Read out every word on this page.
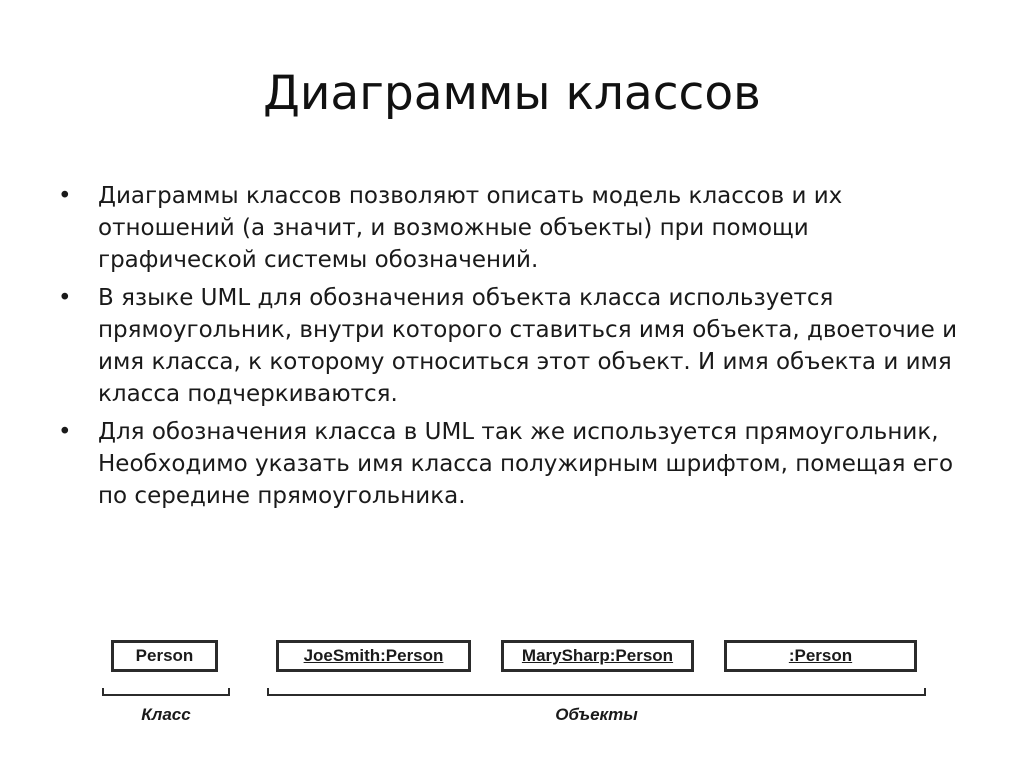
Диаграммы классов
•	Диаграммы классов позволяют описать модель классов и их отношений (а значит, и возможные объекты) при помощи графической системы обозначений.
•	В языке UML для обозначения объекта класса используется прямоугольник, внутри которого ставиться имя объекта, двоеточие и имя класса, к которому относиться этот объект. И имя объекта и имя класса подчеркиваются.
•	Для обозначения класса в UML так же используется прямоугольник, Необходимо указать имя класса полужирным шрифтом, помещая его по середине прямоугольника.
Person	JoeSmith:Person	MarySharp:Person	:Person
Класс	Объекты
